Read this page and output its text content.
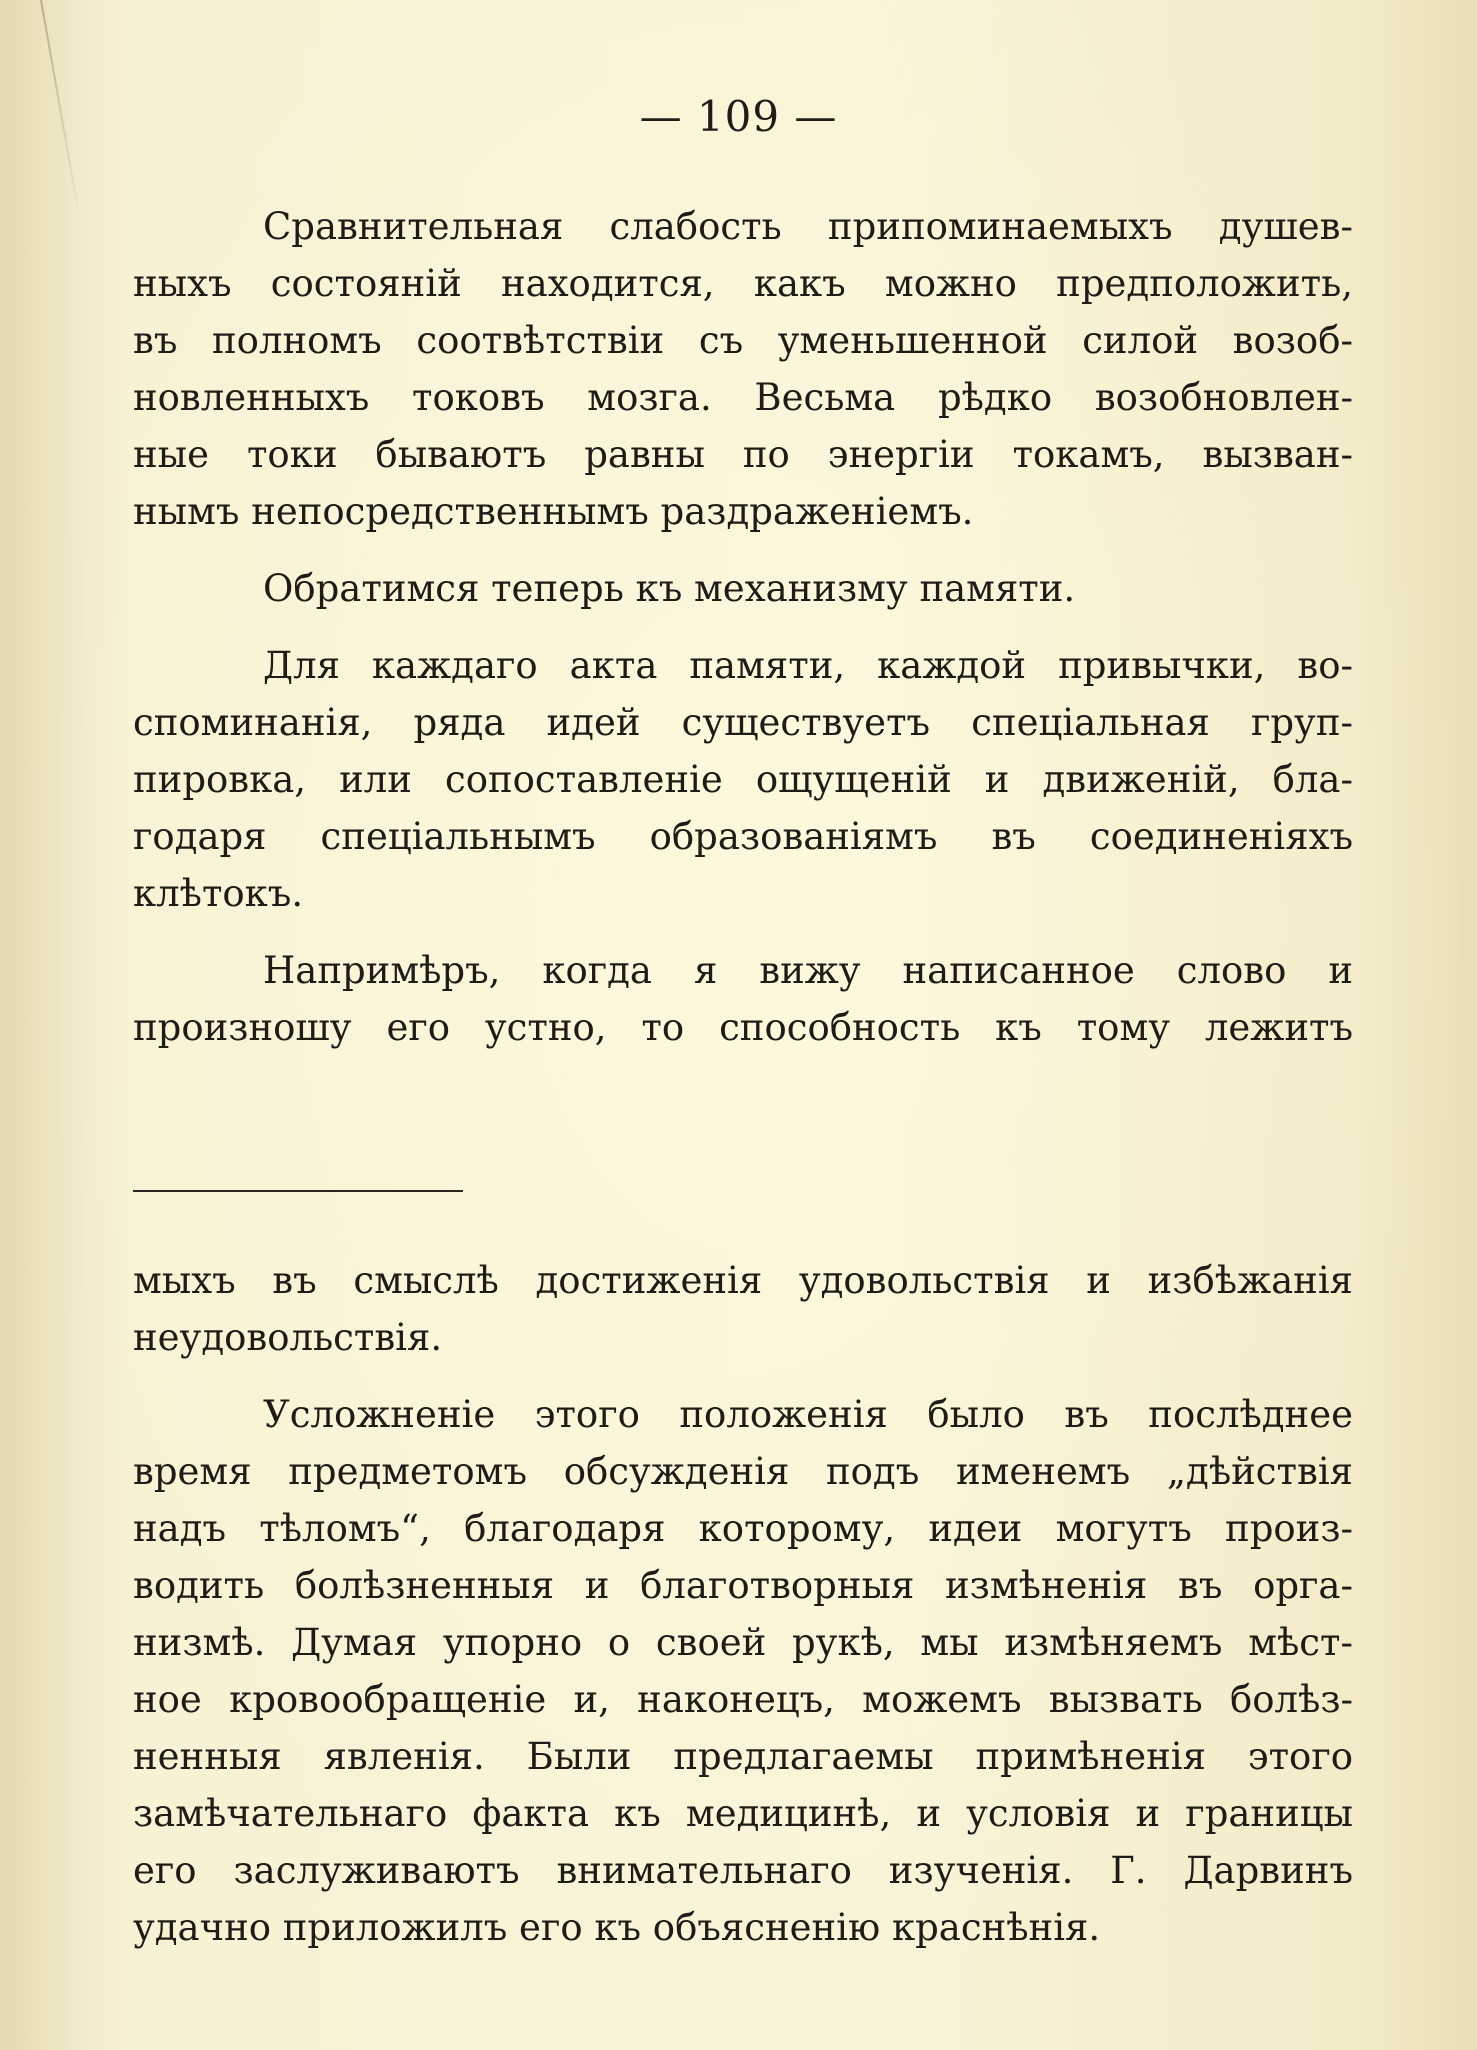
— 109 —
Сравнительная слабость припоминаемыхъ душев-
ныхъ состояній находится, какъ можно предположить,
въ полномъ соотвѣтствіи съ уменьшенной силой возоб-
новленныхъ токовъ мозга. Весьма рѣдко возобновлен-
ные токи бываютъ равны по энергіи токамъ, вызван-
нымъ непосредственнымъ раздраженіемъ.
Обратимся теперь къ механизму памяти.
Для каждаго акта памяти, каждой привычки, во-
споминанія, ряда идей существуетъ спеціальная груп-
пировка, или сопоставленіе ощущеній и движеній, бла-
годаря спеціальнымъ образованіямъ въ соединеніяхъ
клѣтокъ.
Напримѣръ, когда я вижу написанное слово и
произношу его устно, то способность къ тому лежитъ
мыхъ въ смыслѣ достиженія удовольствія и избѣжанія
неудовольствія.
Усложненіе этого положенія было въ послѣднее
время предметомъ обсужденія подъ именемъ „дѣйствія
надъ тѣломъ“, благодаря которому, идеи могутъ произ-
водить болѣзненныя и благотворныя измѣненія въ орга-
низмѣ. Думая упорно о своей рукѣ, мы измѣняемъ мѣст-
ное кровообращеніе и, наконецъ, можемъ вызвать болѣз-
ненныя явленія. Были предлагаемы примѣненія этого
замѣчательнаго факта къ медицинѣ, и условія и границы
его заслуживаютъ внимательнаго изученія. Г. Дарвинъ
удачно приложилъ его къ объясненію краснѣнія.
